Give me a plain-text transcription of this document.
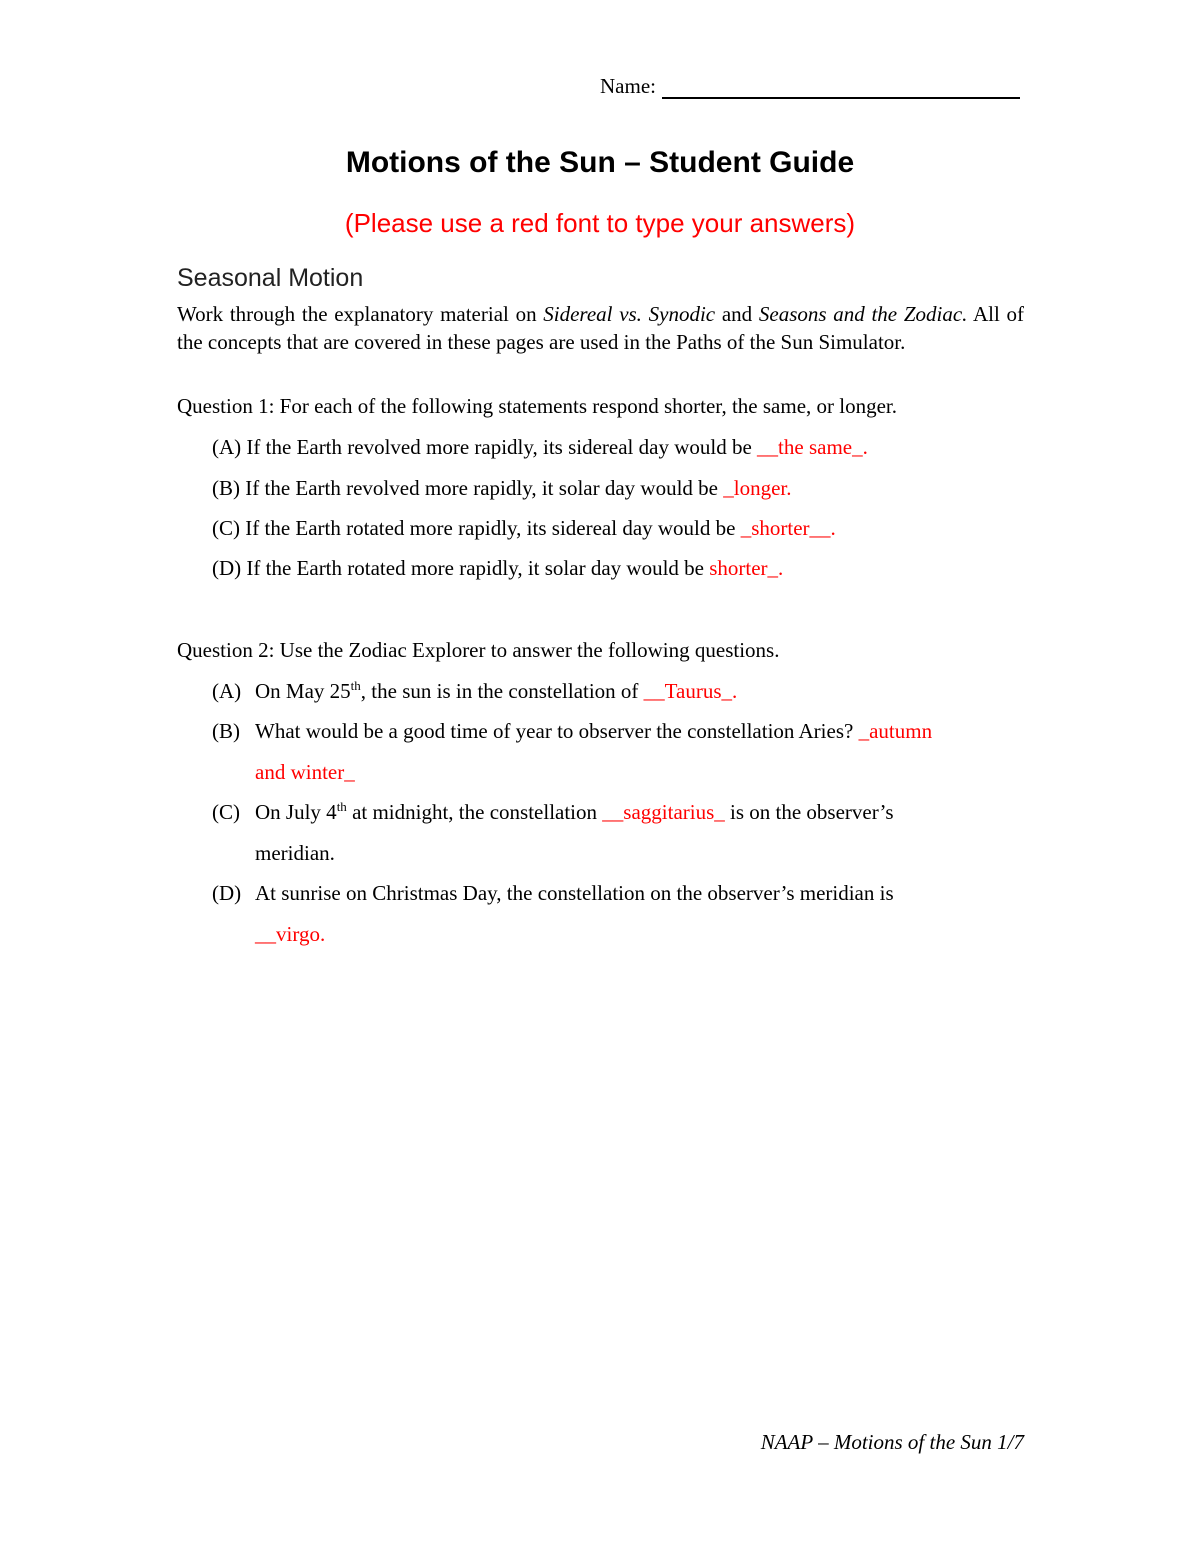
Name:
Motions of the Sun – Student Guide
(Please use a red font to type your answers)
Seasonal Motion
Work through the explanatory material on Sidereal vs. Synodic and Seasons and the Zodiac. All of the concepts that are covered in these pages are used in the Paths of the Sun Simulator.
Question 1: For each of the following statements respond shorter, the same, or longer.
(A) If the Earth revolved more rapidly, its sidereal day would be __the same_.
(B) If the Earth revolved more rapidly, it solar day would be _longer.
(C) If the Earth rotated more rapidly, its sidereal day would be _shorter__.
(D) If the Earth rotated more rapidly, it solar day would be shorter_.
Question 2: Use the Zodiac Explorer to answer the following questions.
(A) On May 25th, the sun is in the constellation of __Taurus_.
(B) What would be a good time of year to observer the constellation Aries? _autumn
and winter_
(C) On July 4th at midnight, the constellation __saggitarius_ is on the observer’s
meridian.
(D) At sunrise on Christmas Day, the constellation on the observer’s meridian is
__virgo.
NAAP – Motions of the Sun 1/7
